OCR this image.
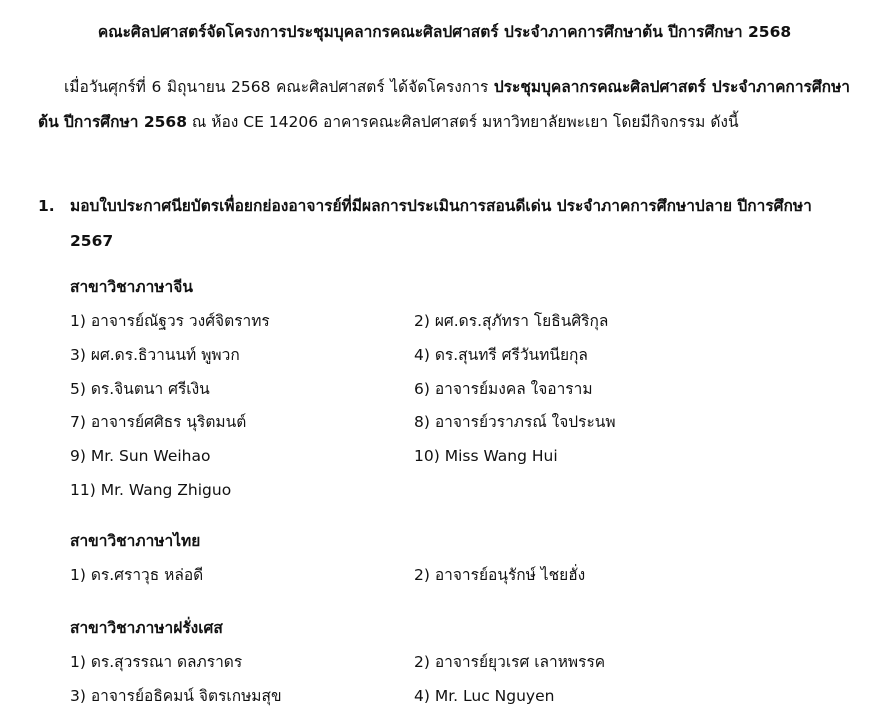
คณะศิลปศาสตร์จัดโครงการประชุมบุคลากรคณะศิลปศาสตร์ ประจำภาคการศึกษาต้น ปีการศึกษา 2568

เมื่อวันศุกร์ที่ 6 มิถุนายน 2568 คณะศิลปศาสตร์ ได้จัดโครงการ ประชุมบุคลากรคณะศิลปศาสตร์ ประจำภาคการศึกษาต้น ปีการศึกษา 2568 ณ ห้อง CE 14206 อาคารคณะศิลปศาสตร์ มหาวิทยาลัยพะเยา โดยมีกิจกรรม ดังนี้

1. มอบใบประกาศนียบัตรเพื่อยกย่องอาจารย์ที่มีผลการประเมินการสอนดีเด่น ประจำภาคการศึกษาปลาย ปีการศึกษา 2567

สาขาวิชาภาษาจีน
1) อาจารย์ณัฐวร วงศ์จิตราทร	2) ผศ.ดร.สุภัทรา โยธินศิริกุล
3) ผศ.ดร.ธิวานนท์ พูพวก	4) ดร.สุนทรี ศรีวันทนียกุล
5) ดร.จินตนา ศรีเงิน	6) อาจารย์มงคล ใจอาราม
7) อาจารย์ศศิธร นุริตมนต์	8) อาจารย์วราภรณ์ ใจประนพ
9) Mr. Sun Weihao	10) Miss Wang Hui
11) Mr. Wang Zhiguo
สาขาวิชาภาษาไทย
1) ดร.ศราวุธ หล่อดี	2) อาจารย์อนุรักษ์ ไชยฮั่ง
สาขาวิชาภาษาฝรั่งเศส
1) ดร.สุวรรณา ดลภราดร	2) อาจารย์ยุวเรศ เลาหพรรค
3) อาจารย์อธิคมน์ จิตรเกษมสุข	4) Mr. Luc Nguyen
